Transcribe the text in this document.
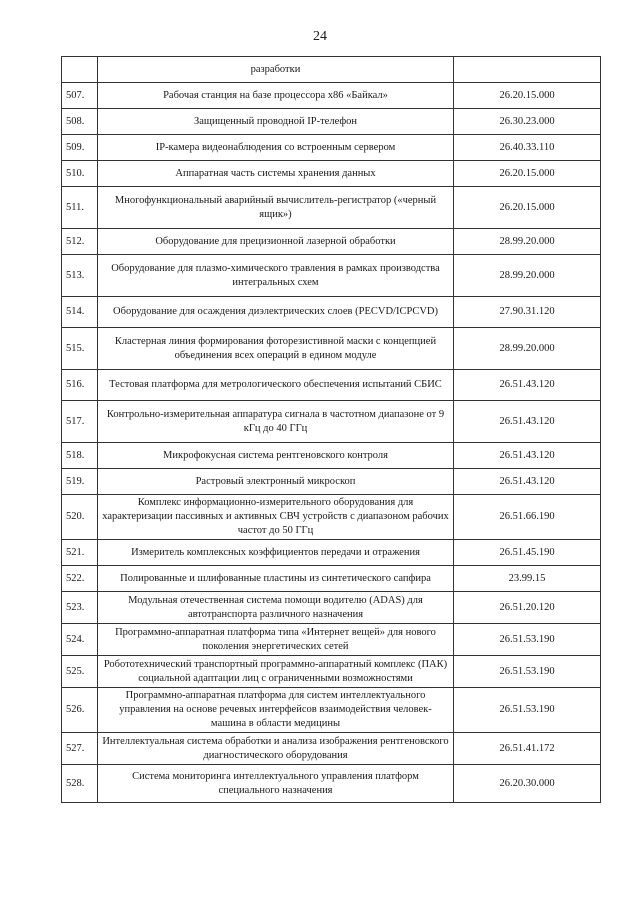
24
	разработки	
507.	Рабочая станция на базе процессора x86 «Байкал»	26.20.15.000
508.	Защищенный проводной IP-телефон	26.30.23.000
509.	IP-камера видеонаблюдения со встроенным сервером	26.40.33.110
510.	Аппаратная часть системы хранения данных	26.20.15.000
511.	Многофункциональный аварийный вычислитель-регистратор («черный ящик»)	26.20.15.000
512.	Оборудование для прецизионной лазерной обработки	28.99.20.000
513.	Оборудование для плазмо-химического травления в рамках производства интегральных схем	28.99.20.000
514.	Оборудование для осаждения диэлектрических слоев (PECVD/ICPCVD)	27.90.31.120
515.	Кластерная линия формирования фоторезистивной маски с концепцией объединения всех операций в едином модуле	28.99.20.000
516.	Тестовая платформа для метрологического обеспечения испытаний СБИС	26.51.43.120
517.	Контрольно-измерительная аппаратура сигнала в частотном диапазоне от 9 кГц до 40 ГГц	26.51.43.120
518.	Микрофокусная система рентгеновского контроля	26.51.43.120
519.	Растровый электронный микроскоп	26.51.43.120
520.	Комплекс информационно-измерительного оборудования для характеризации пассивных и активных СВЧ устройств с диапазоном рабочих частот до 50 ГГц	26.51.66.190
521.	Измеритель комплексных коэффициентов передачи и отражения	26.51.45.190
522.	Полированные и шлифованные пластины из синтетического сапфира	23.99.15
523.	Модульная отечественная система помощи водителю (ADAS) для автотранспорта различного назначения	26.51.20.120
524.	Программно-аппаратная платформа типа «Интернет вещей» для нового поколения энергетических сетей	26.51.53.190
525.	Робототехнический транспортный программно-аппаратный комплекс (ПАК) социальной адаптации лиц с ограниченными возможностями	26.51.53.190
526.	Программно-аппаратная платформа для систем интеллектуального управления на основе речевых интерфейсов взаимодействия человек-машина в области медицины	26.51.53.190
527.	Интеллектуальная система обработки и анализа изображения рентгеновского диагностического оборудования	26.51.41.172
528.	Система мониторинга интеллектуального управления платформ специального назначения	26.20.30.000
